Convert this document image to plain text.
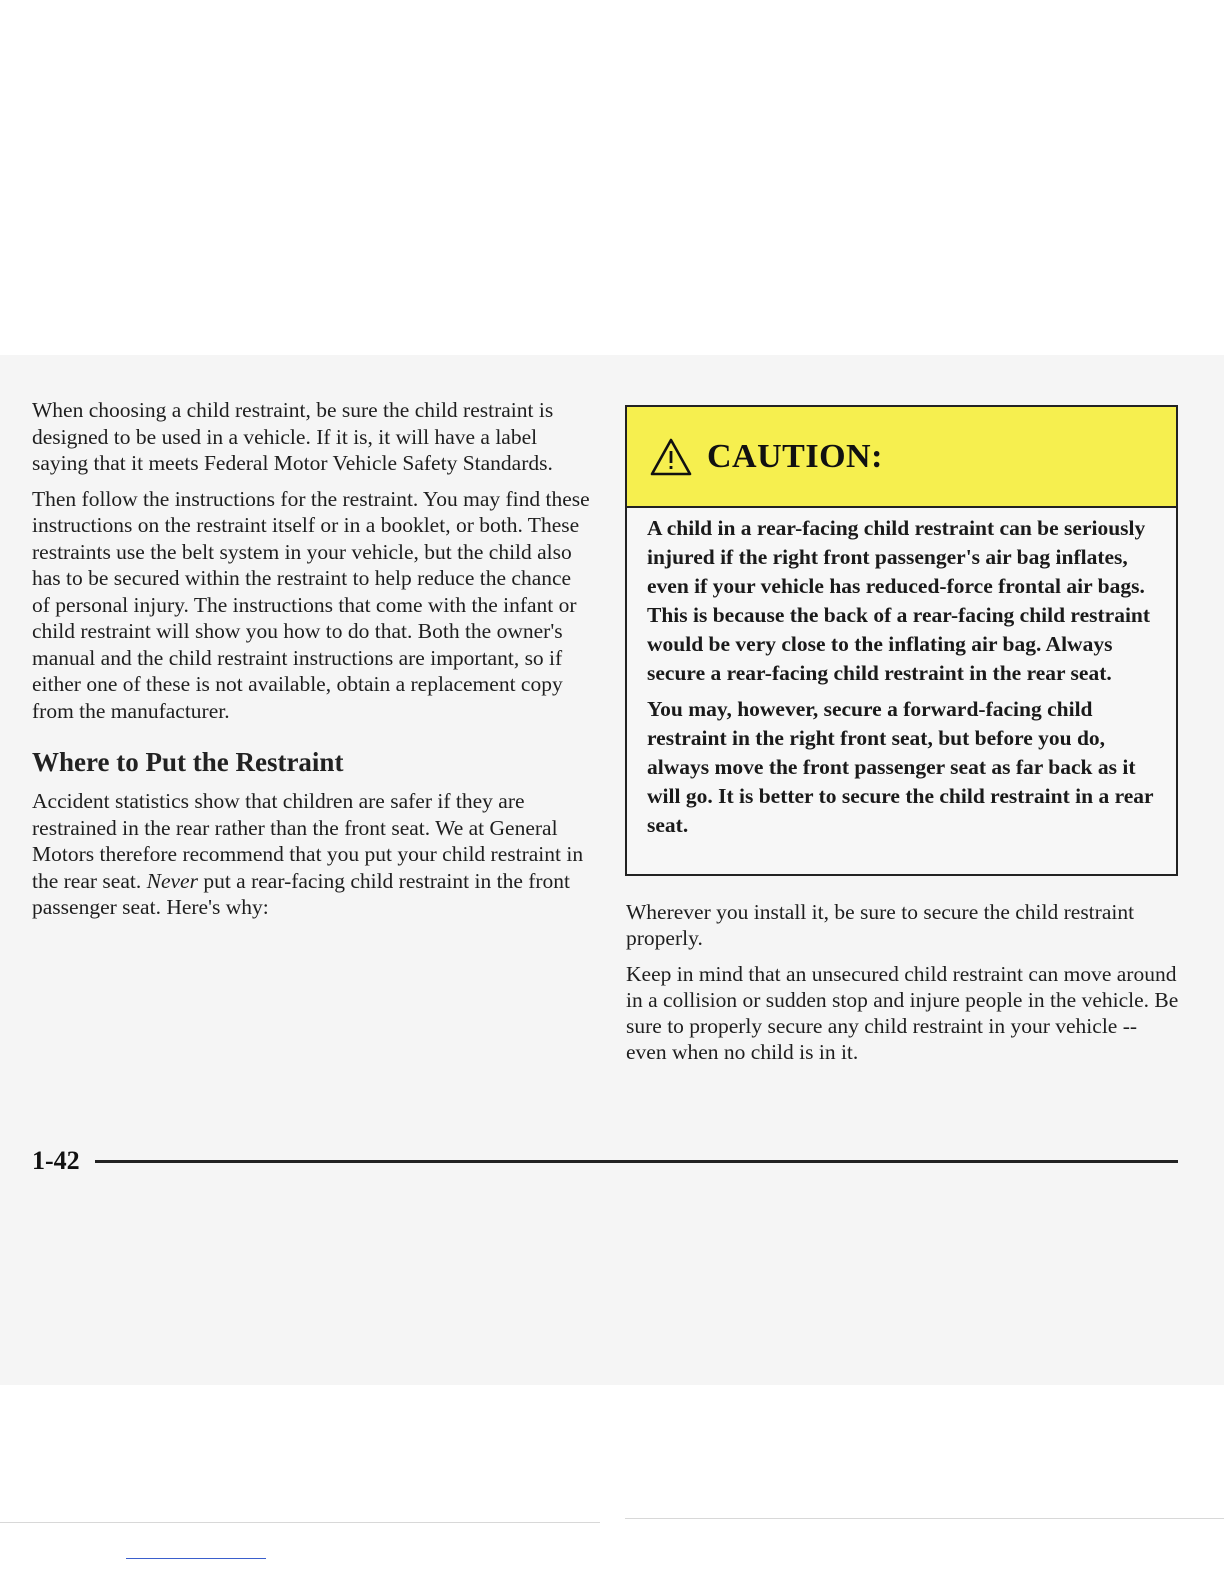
When choosing a child restraint, be sure the child restraint is designed to be used in a vehicle. If it is, it will have a label saying that it meets Federal Motor Vehicle Safety Standards.

Then follow the instructions for the restraint. You may find these instructions on the restraint itself or in a booklet, or both. These restraints use the belt system in your vehicle, but the child also has to be secured within the restraint to help reduce the chance of personal injury. The instructions that come with the infant or child restraint will show you how to do that. Both the owner's manual and the child restraint instructions are important, so if either one of these is not available, obtain a replacement copy from the manufacturer.

Where to Put the Restraint

Accident statistics show that children are safer if they are restrained in the rear rather than the front seat. We at General Motors therefore recommend that you put your child restraint in the rear seat. Never put a rear-facing child restraint in the front passenger seat. Here's why:

CAUTION:

A child in a rear-facing child restraint can be seriously injured if the right front passenger's air bag inflates, even if your vehicle has reduced-force frontal air bags. This is because the back of a rear-facing child restraint would be very close to the inflating air bag. Always secure a rear-facing child restraint in the rear seat.

You may, however, secure a forward-facing child restraint in the right front seat, but before you do, always move the front passenger seat as far back as it will go. It is better to secure the child restraint in a rear seat.

Wherever you install it, be sure to secure the child restraint properly.

Keep in mind that an unsecured child restraint can move around in a collision or sudden stop and injure people in the vehicle. Be sure to properly secure any child restraint in your vehicle -- even when no child is in it.

1-42
